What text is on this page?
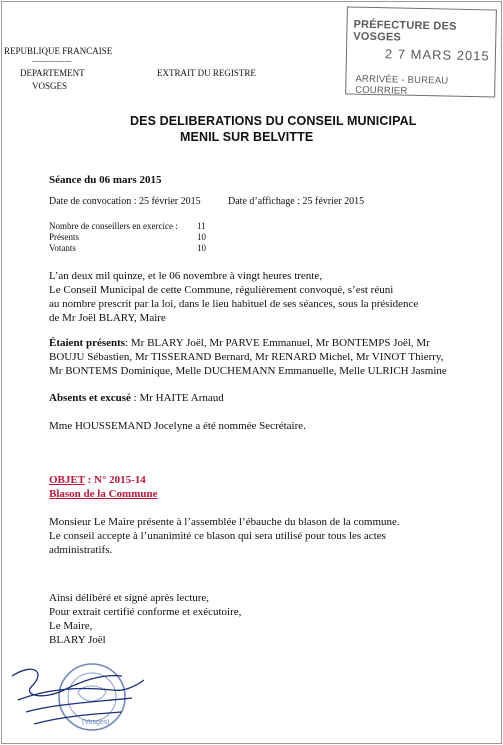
REPUBLIQUE FRANCAISE
-----------------
DEPARTEMENT
VOSGES
EXTRAIT DU REGISTRE
PRÉFECTURE DES VOSGES
2 7 MARS 2015
ARRIVÉE - BUREAU COURRIER
DES DELIBERATIONS DU CONSEIL MUNICIPAL
MENIL SUR BELVITTE
Séance du 06 mars 2015
Date de convocation : 25 février 2015	Date d’affichage : 25 février 2015
Nombre de conseillers en exercice : 11
Présents	10
Votants	10
L’an deux mil quinze, et le 06 novembre à vingt heures trente,
Le Conseil Municipal de cette Commune, régulièrement convoqué, s’est réuni
au nombre prescrit par la loi, dans le lieu habituel de ses séances, sous la présidence
de Mr Joël BLARY, Maire
Étaient présents: Mr BLARY Joël, Mr PARVE Emmanuel, Mr BONTEMPS Joël, Mr
BOUJU Sébastien, Mr TISSERAND Bernard, Mr RENARD Michel, Mr VINOT Thierry,
Mr BONTEMS Dominique, Melle DUCHEMANN Emmanuelle, Melle ULRICH Jasmine
Absents et excusé : Mr HAITE Arnaud
Mme HOUSSEMAND Jocelyne a été nommée Secrétaire.
OBJET : N° 2015-14
Blason de la Commune
Monsieur Le Maire présente à l’assemblée l’ébauche du blason de la commune.
Le conseil accepte à l’unanimité ce blason qui sera utilisé pour tous les actes
administratifs.
Ainsi délibéré et signé après lecture,
Pour extrait certifié conforme et exécutoire,
Le Maire,
BLARY Joël
(Vosges)
